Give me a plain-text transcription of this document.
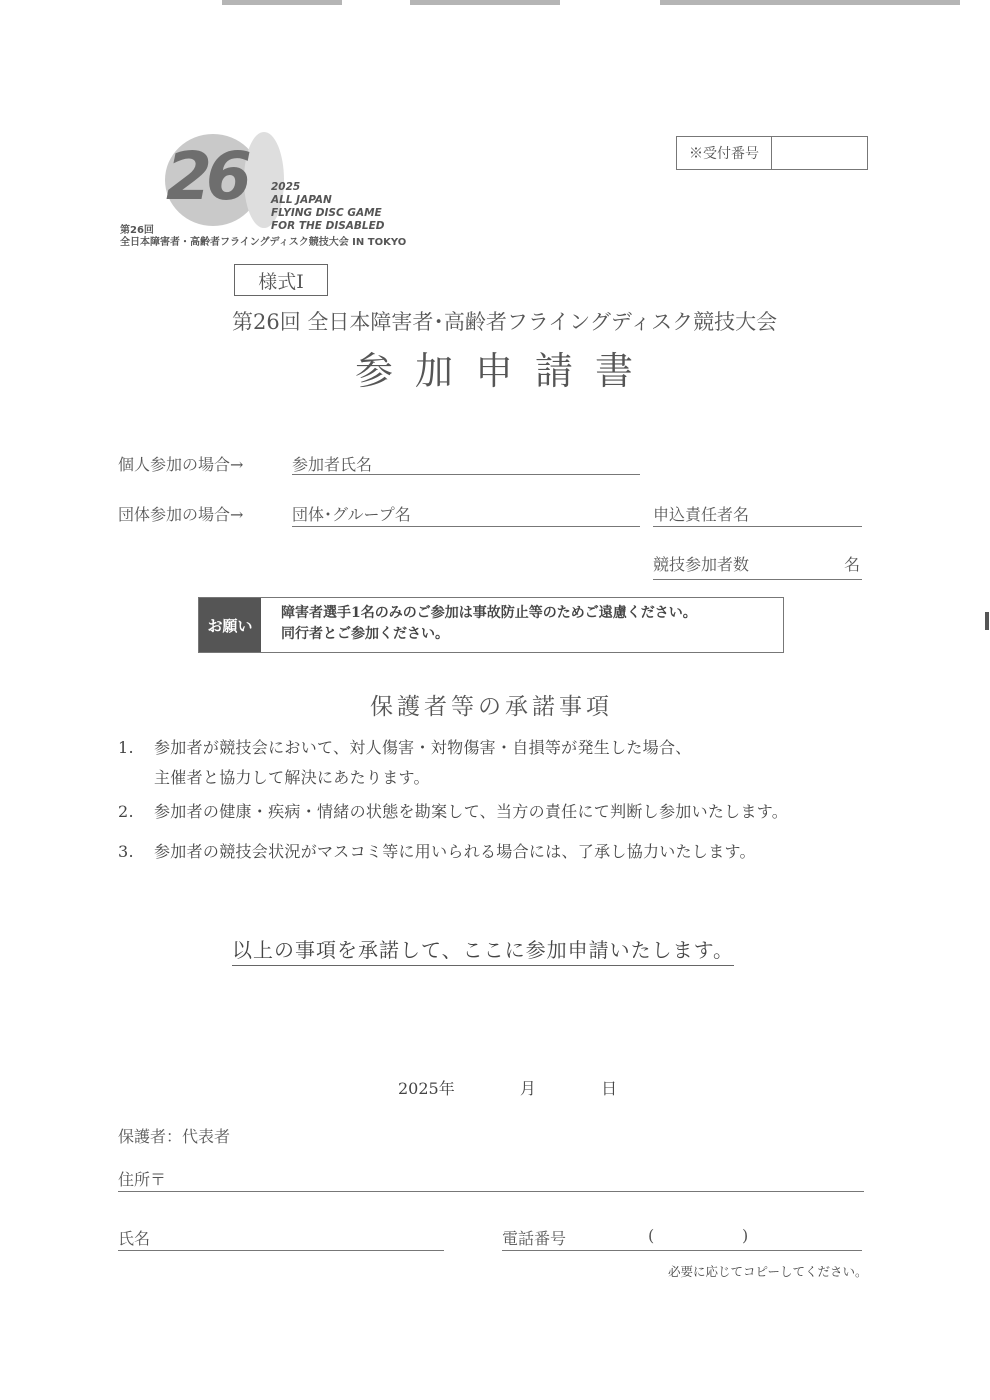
26 2025
ALL JAPAN
FLYING DISC GAME
FOR THE DISABLED
第26回
全日本障害者・高齢者フライングディスク競技大会 IN TOKYO
※受付番号
様式Ⅰ
第26回 全日本障害者･高齢者フライングディスク競技大会
参加申請書
個人参加の場合→	参加者氏名
団体参加の場合→	団体･グループ名	申込責任者名
競技参加者数	名
お願い
障害者選手1名のみのご参加は事故防止等のためご遠慮ください。
同行者とご参加ください。
保護者等の承諾事項
1. 参加者が競技会において、対人傷害・対物傷害・自損等が発生した場合、
主催者と協力して解決にあたります。
2. 参加者の健康・疾病・情緒の状態を勘案して、当方の責任にて判断し参加いたします。
3. 参加者の競技会状況がマスコミ等に用いられる場合には、了承し協力いたします。
以上の事項を承諾して、ここに参加申請いたします。
2025年	月	日
保護者：代表者
住所〒
氏名	電話番号	(	)
必要に応じてコピーしてください。
